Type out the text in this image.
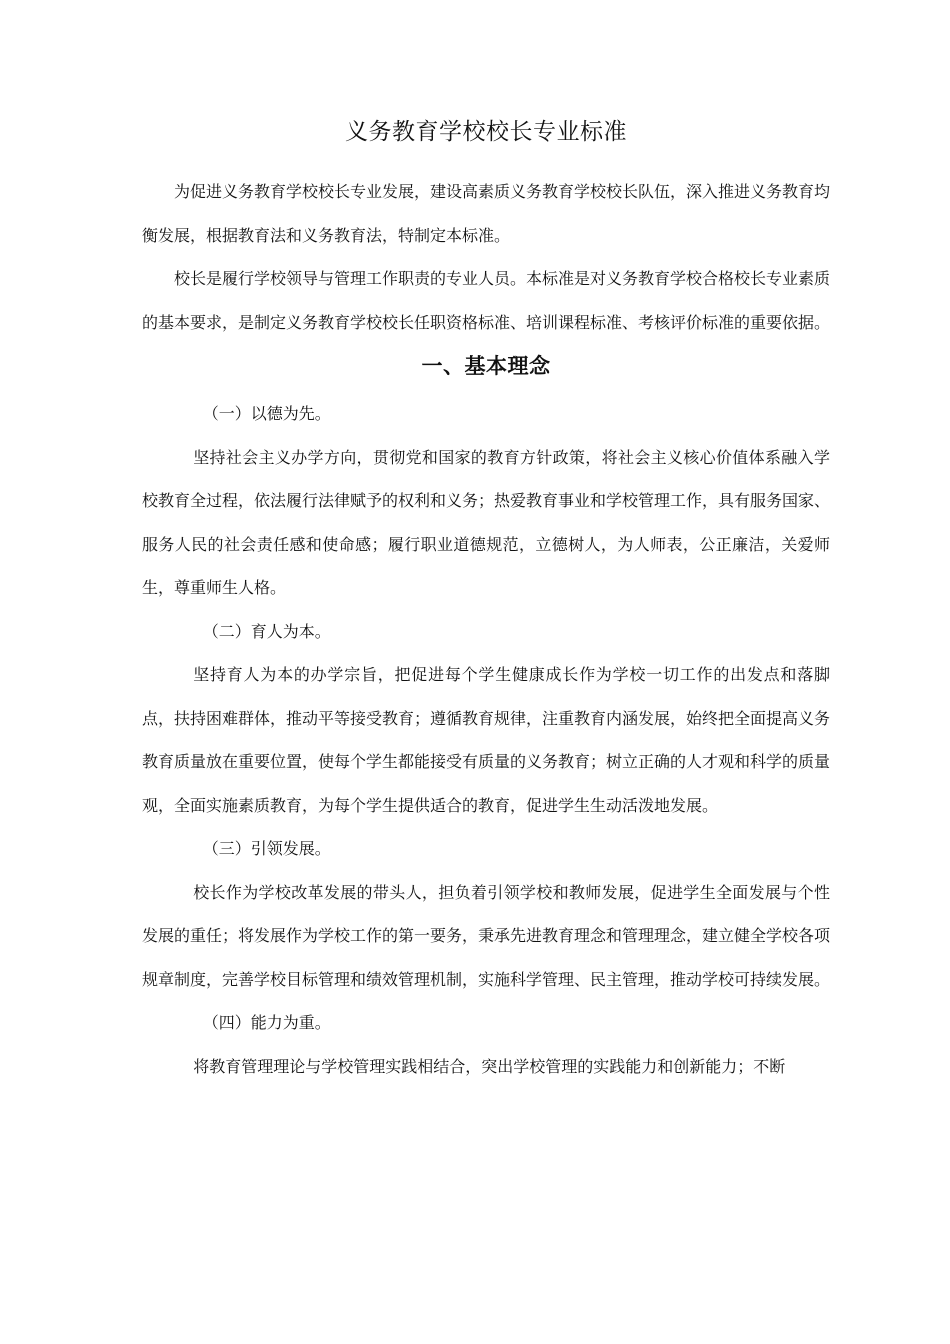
义务教育学校校长专业标准

为促进义务教育学校校长专业发展，建设高素质义务教育学校校长队伍，深入推进义务教育均衡发展，根据教育法和义务教育法，特制定本标准。

校长是履行学校领导与管理工作职责的专业人员。本标准是对义务教育学校合格校长专业素质的基本要求，是制定义务教育学校校长任职资格标准、培训课程标准、考核评价标准的重要依据。

一、基本理念

（一）以德为先。

坚持社会主义办学方向，贯彻党和国家的教育方针政策，将社会主义核心价值体系融入学校教育全过程，依法履行法律赋予的权利和义务；热爱教育事业和学校管理工作，具有服务国家、服务人民的社会责任感和使命感；履行职业道德规范，立德树人，为人师表，公正廉洁，关爱师生，尊重师生人格。

（二）育人为本。

坚持育人为本的办学宗旨，把促进每个学生健康成长作为学校一切工作的出发点和落脚点，扶持困难群体，推动平等接受教育；遵循教育规律，注重教育内涵发展，始终把全面提高义务教育质量放在重要位置，使每个学生都能接受有质量的义务教育；树立正确的人才观和科学的质量观，全面实施素质教育，为每个学生提供适合的教育，促进学生生动活泼地发展。

（三）引领发展。

校长作为学校改革发展的带头人，担负着引领学校和教师发展，促进学生全面发展与个性发展的重任；将发展作为学校工作的第一要务，秉承先进教育理念和管理理念，建立健全学校各项规章制度，完善学校目标管理和绩效管理机制，实施科学管理、民主管理，推动学校可持续发展。

（四）能力为重。

将教育管理理论与学校管理实践相结合，突出学校管理的实践能力和创新能力；不断
